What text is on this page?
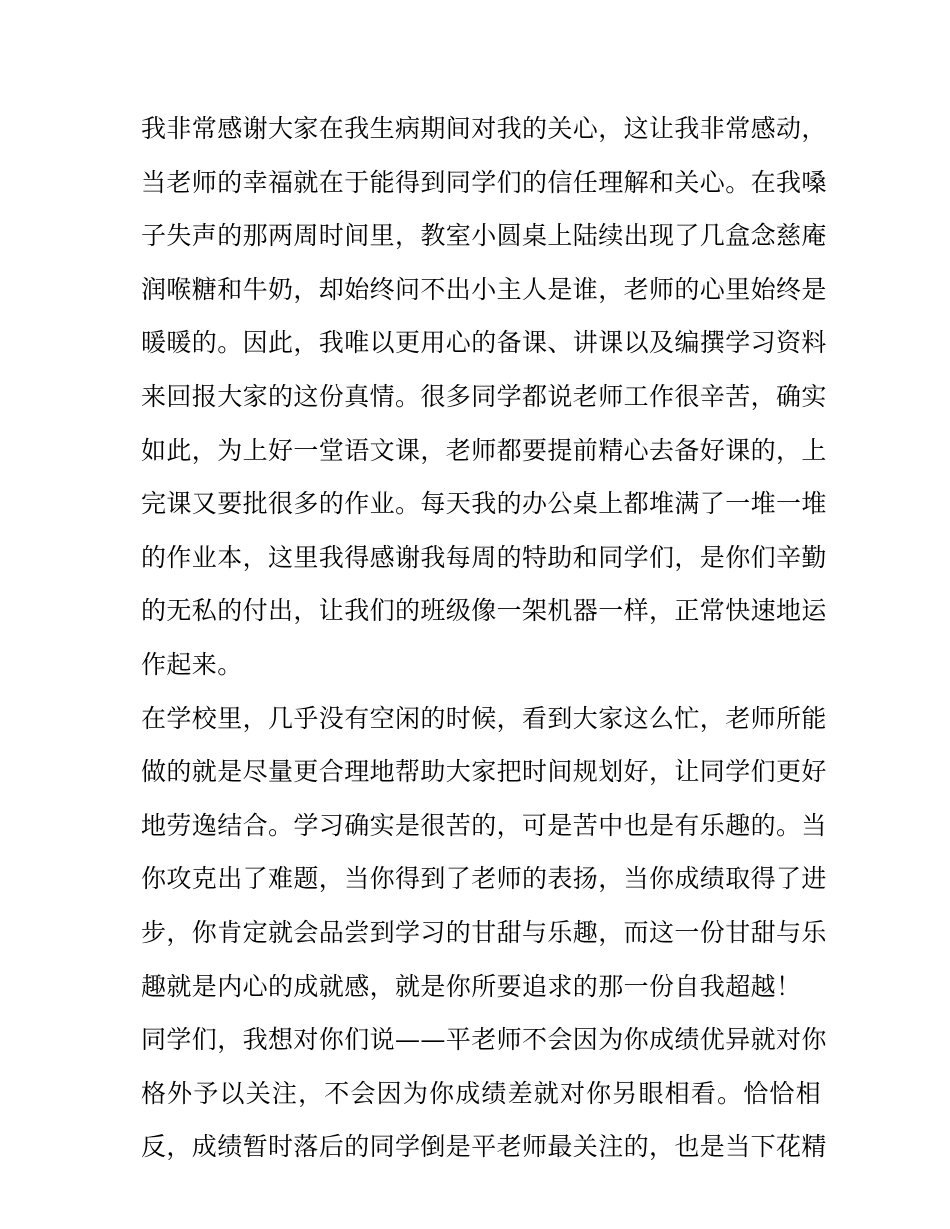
我非常感谢大家在我生病期间对我的关心，这让我非常感动，
当老师的幸福就在于能得到同学们的信任理解和关心。在我嗓
子失声的那两周时间里，教室小圆桌上陆续出现了几盒念慈庵
润喉糖和牛奶，却始终问不出小主人是谁，老师的心里始终是
暖暖的。因此，我唯以更用心的备课、讲课以及编撰学习资料
来回报大家的这份真情。很多同学都说老师工作很辛苦，确实
如此，为上好一堂语文课，老师都要提前精心去备好课的，上
完课又要批很多的作业。每天我的办公桌上都堆满了一堆一堆
的作业本，这里我得感谢我每周的特助和同学们，是你们辛勤
的无私的付出，让我们的班级像一架机器一样，正常快速地运
作起来。
在学校里，几乎没有空闲的时候，看到大家这么忙，老师所能
做的就是尽量更合理地帮助大家把时间规划好，让同学们更好
地劳逸结合。学习确实是很苦的，可是苦中也是有乐趣的。当
你攻克出了难题，当你得到了老师的表扬，当你成绩取得了进
步，你肯定就会品尝到学习的甘甜与乐趣，而这一份甘甜与乐
趣就是内心的成就感，就是你所要追求的那一份自我超越！
同学们，我想对你们说——平老师不会因为你成绩优异就对你
格外予以关注，不会因为你成绩差就对你另眼相看。恰恰相
反，成绩暂时落后的同学倒是平老师最关注的，也是当下花精
